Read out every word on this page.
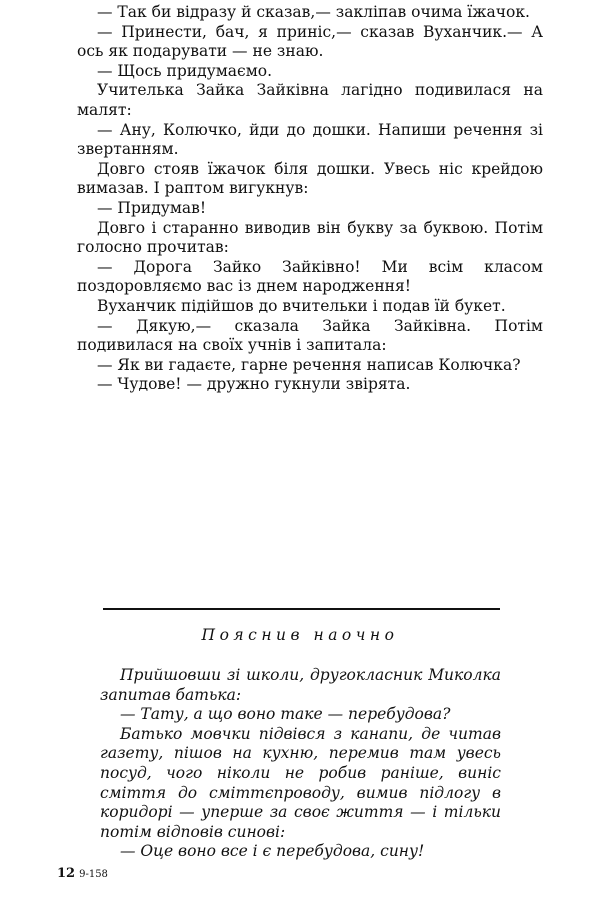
— Так би відразу й сказав,— закліпав очима їжачок.

— Принести, бач, я приніс,— сказав Вуханчик.— А ось як подарувати — не знаю.

— Щось придумаємо.

Учителька Зайка Зайківна лагідно подивилася на малят:

— Ану, Колючко, йди до дошки. Напиши речення зі звертанням.

Довго стояв їжачок біля дошки. Увесь ніс крейдою вимазав. І раптом вигукнув:

— Придумав!

Довго і старанно виводив він букву за буквою. Потім голосно прочитав:

— Дорога Зайко Зайківно! Ми всім класом поздоровляємо вас із днем народження!

Вуханчик підійшов до вчительки і подав їй букет.

— Дякую,— сказала Зайка Зайківна. Потім подивилася на своїх учнів і запитала:

— Як ви гадаєте, гарне речення написав Колючка?

— Чудове! — дружно гукнули звірята.

Пояснив наочно

Прийшовши зі школи, другокласник Миколка запитав батька:

— Тату, а що воно таке — перебудова?

Батько мовчки підвівся з канапи, де читав газету, пішов на кухню, перемив там увесь посуд, чого ніколи не робив раніше, виніс сміття до сміттєпроводу, вимив підлогу в коридорі — уперше за своє життя — і тільки потім відповів синові:

— Оце воно все і є перебудова, сину!

12 9-158
